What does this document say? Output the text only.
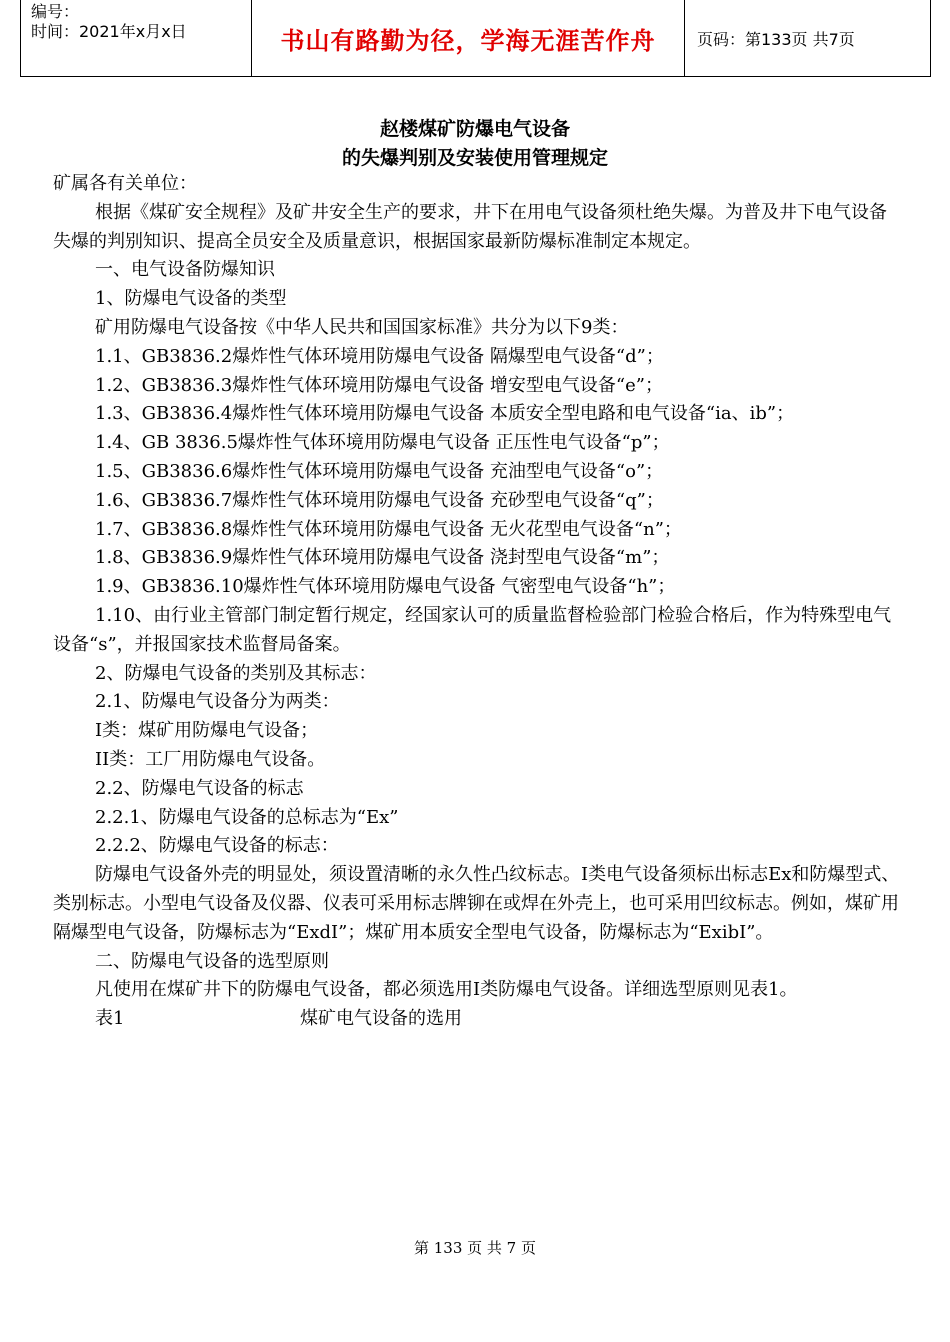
编号：
时间：2021年x月x日	书山有路勤为径，学海无涯苦作舟	页码：第133页 共7页
赵楼煤矿防爆电气设备
的失爆判别及安装使用管理规定

矿属各有关单位：

根据《煤矿安全规程》及矿井安全生产的要求，井下在用电气设备须杜绝失爆。为普及井下电气设备失爆的判别知识、提高全员安全及质量意识，根据国家最新防爆标准制定本规定。

一、电气设备防爆知识

1、防爆电气设备的类型

矿用防爆电气设备按《中华人民共和国国家标准》共分为以下9类：

1.1、GB3836.2爆炸性气体环境用防爆电气设备 隔爆型电气设备“d”；

1.2、GB3836.3爆炸性气体环境用防爆电气设备 增安型电气设备“e”；

1.3、GB3836.4爆炸性气体环境用防爆电气设备 本质安全型电路和电气设备“ia、ib”；

1.4、GB 3836.5爆炸性气体环境用防爆电气设备 正压性电气设备“p”；

1.5、GB3836.6爆炸性气体环境用防爆电气设备 充油型电气设备“o”；

1.6、GB3836.7爆炸性气体环境用防爆电气设备 充砂型电气设备“q”；

1.7、GB3836.8爆炸性气体环境用防爆电气设备 无火花型电气设备“n”；

1.8、GB3836.9爆炸性气体环境用防爆电气设备 浇封型电气设备“m”；

1.9、GB3836.10爆炸性气体环境用防爆电气设备 气密型电气设备“h”；

1.10、由行业主管部门制定暂行规定，经国家认可的质量监督检验部门检验合格后，作为特殊型电气设备“s”，并报国家技术监督局备案。

2、防爆电气设备的类别及其标志：

2.1、防爆电气设备分为两类：

I类：煤矿用防爆电气设备；

II类：工厂用防爆电气设备。

2.2、防爆电气设备的标志

2.2.1、防爆电气设备的总标志为“Ex”

2.2.2、防爆电气设备的标志：

防爆电气设备外壳的明显处，须设置清晰的永久性凸纹标志。I类电气设备须标出标志Ex和防爆型式、类别标志。小型电气设备及仪器、仪表可采用标志牌铆在或焊在外壳上，也可采用凹纹标志。例如，煤矿用隔爆型电气设备，防爆标志为“ExdI”；煤矿用本质安全型电气设备，防爆标志为“ExibI”。

二、防爆电气设备的选型原则

凡使用在煤矿井下的防爆电气设备，都必须选用I类防爆电气设备。详细选型原则见表1。

表1	煤矿电气设备的选用
第 133 页 共 7 页
